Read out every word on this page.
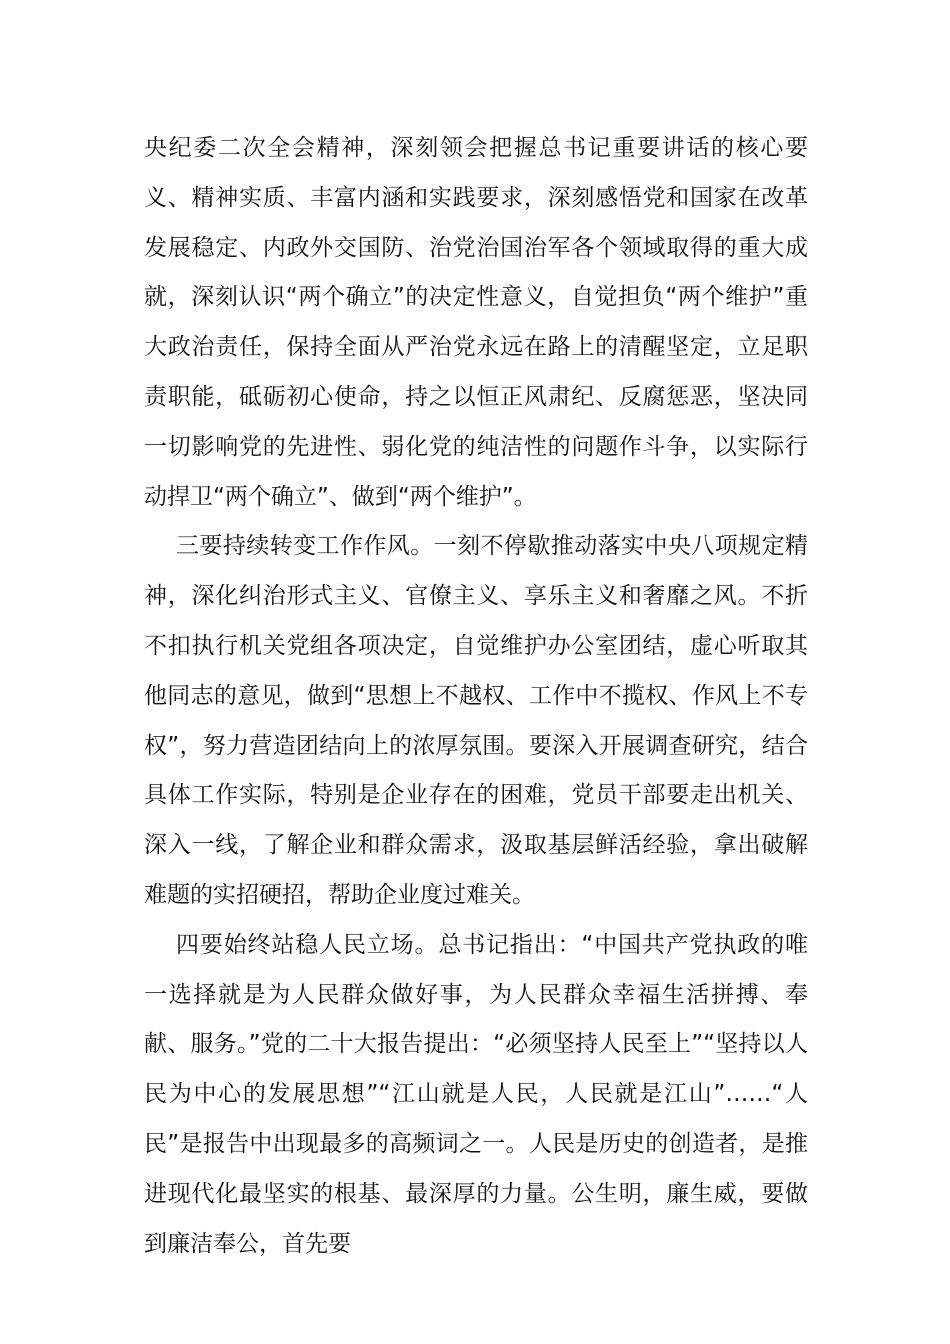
央纪委二次全会精神，深刻领会把握总书记重要讲话的核心要义、精神实质、丰富内涵和实践要求，深刻感悟党和国家在改革发展稳定、内政外交国防、治党治国治军各个领域取得的重大成就，深刻认识“两个确立”的决定性意义，自觉担负“两个维护”重大政治责任，保持全面从严治党永远在路上的清醒坚定，立足职责职能，砥砺初心使命，持之以恒正风肃纪、反腐惩恶，坚决同一切影响党的先进性、弱化党的纯洁性的问题作斗争，以实际行动捍卫“两个确立”、做到“两个维护”。

三要持续转变工作作风。一刻不停歇推动落实中央八项规定精神，深化纠治形式主义、官僚主义、享乐主义和奢靡之风。不折不扣执行机关党组各项决定，自觉维护办公室团结，虚心听取其他同志的意见，做到“思想上不越权、工作中不揽权、作风上不专权”，努力营造团结向上的浓厚氛围。要深入开展调查研究，结合具体工作实际，特别是企业存在的困难，党员干部要走出机关、深入一线，了解企业和群众需求，汲取基层鲜活经验，拿出破解难题的实招硬招，帮助企业度过难关。

四要始终站稳人民立场。总书记指出：“中国共产党执政的唯一选择就是为人民群众做好事，为人民群众幸福生活拼搏、奉献、服务。”党的二十大报告提出：“必须坚持人民至上”“坚持以人民为中心的发展思想”“江山就是人民，人民就是江山”……“人民”是报告中出现最多的高频词之一。人民是历史的创造者，是推进现代化最坚实的根基、最深厚的力量。公生明，廉生威，要做到廉洁奉公，首先要
